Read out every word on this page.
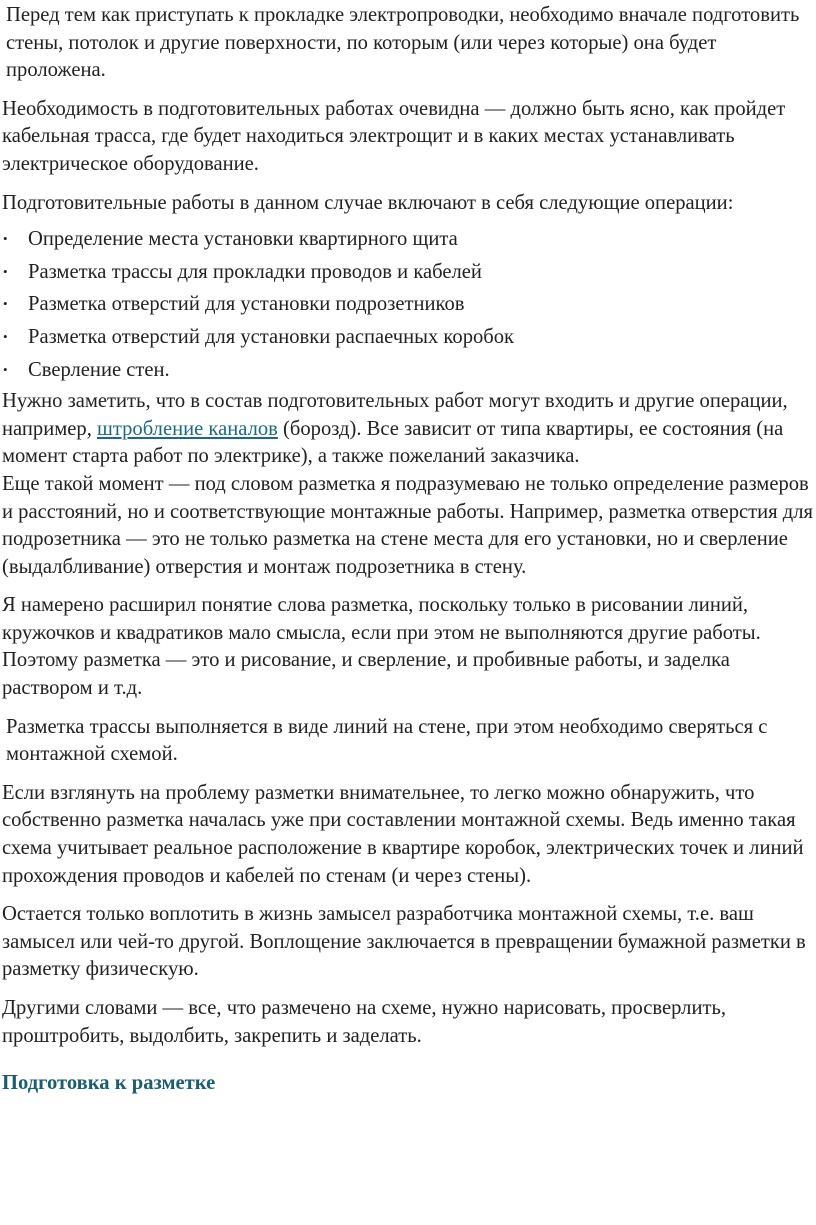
Перед тем как приступать к прокладке электропроводки, необходимо вначале подготовить стены, потолок и другие поверхности, по которым (или через которые) она будет проложена.

Необходимость в подготовительных работах очевидна — должно быть ясно, как пройдет кабельная трасса, где будет находиться электрощит и в каких местах устанавливать электрическое оборудование.

Подготовительные работы в данном случае включают в себя следующие операции:

• Определение места установки квартирного щита
• Разметка трассы для прокладки проводов и кабелей
• Разметка отверстий для установки подрозетников
• Разметка отверстий для установки распаечных коробок
• Сверление стен.

Нужно заметить, что в состав подготовительных работ могут входить и другие операции, например, штробление каналов (борозд). Все зависит от типа квартиры, ее состояния (на момент старта работ по электрике), а также пожеланий заказчика.

Еще такой момент — под словом разметка я подразумеваю не только определение размеров и расстояний, но и соответствующие монтажные работы. Например, разметка отверстия для подрозетника — это не только разметка на стене места для его установки, но и сверление (выдалбливание) отверстия и монтаж подрозетника в стену.

Я намерено расширил понятие слова разметка, поскольку только в рисовании линий, кружочков и квадратиков мало смысла, если при этом не выполняются другие работы. Поэтому разметка — это и рисование, и сверление, и пробивные работы, и заделка раствором и т.д.

Разметка трассы выполняется в виде линий на стене, при этом необходимо сверяться с монтажной схемой.

Если взглянуть на проблему разметки внимательнее, то легко можно обнаружить, что собственно разметка началась уже при составлении монтажной схемы. Ведь именно такая схема учитывает реальное расположение в квартире коробок, электрических точек и линий прохождения проводов и кабелей по стенам (и через стены).

Остается только воплотить в жизнь замысел разработчика монтажной схемы, т.е. ваш замысел или чей-то другой. Воплощение заключается в превращении бумажной разметки в разметку физическую.

Другими словами — все, что размечено на схеме, нужно нарисовать, просверлить, проштробить, выдолбить, закрепить и заделать.

Подготовка к разметке
